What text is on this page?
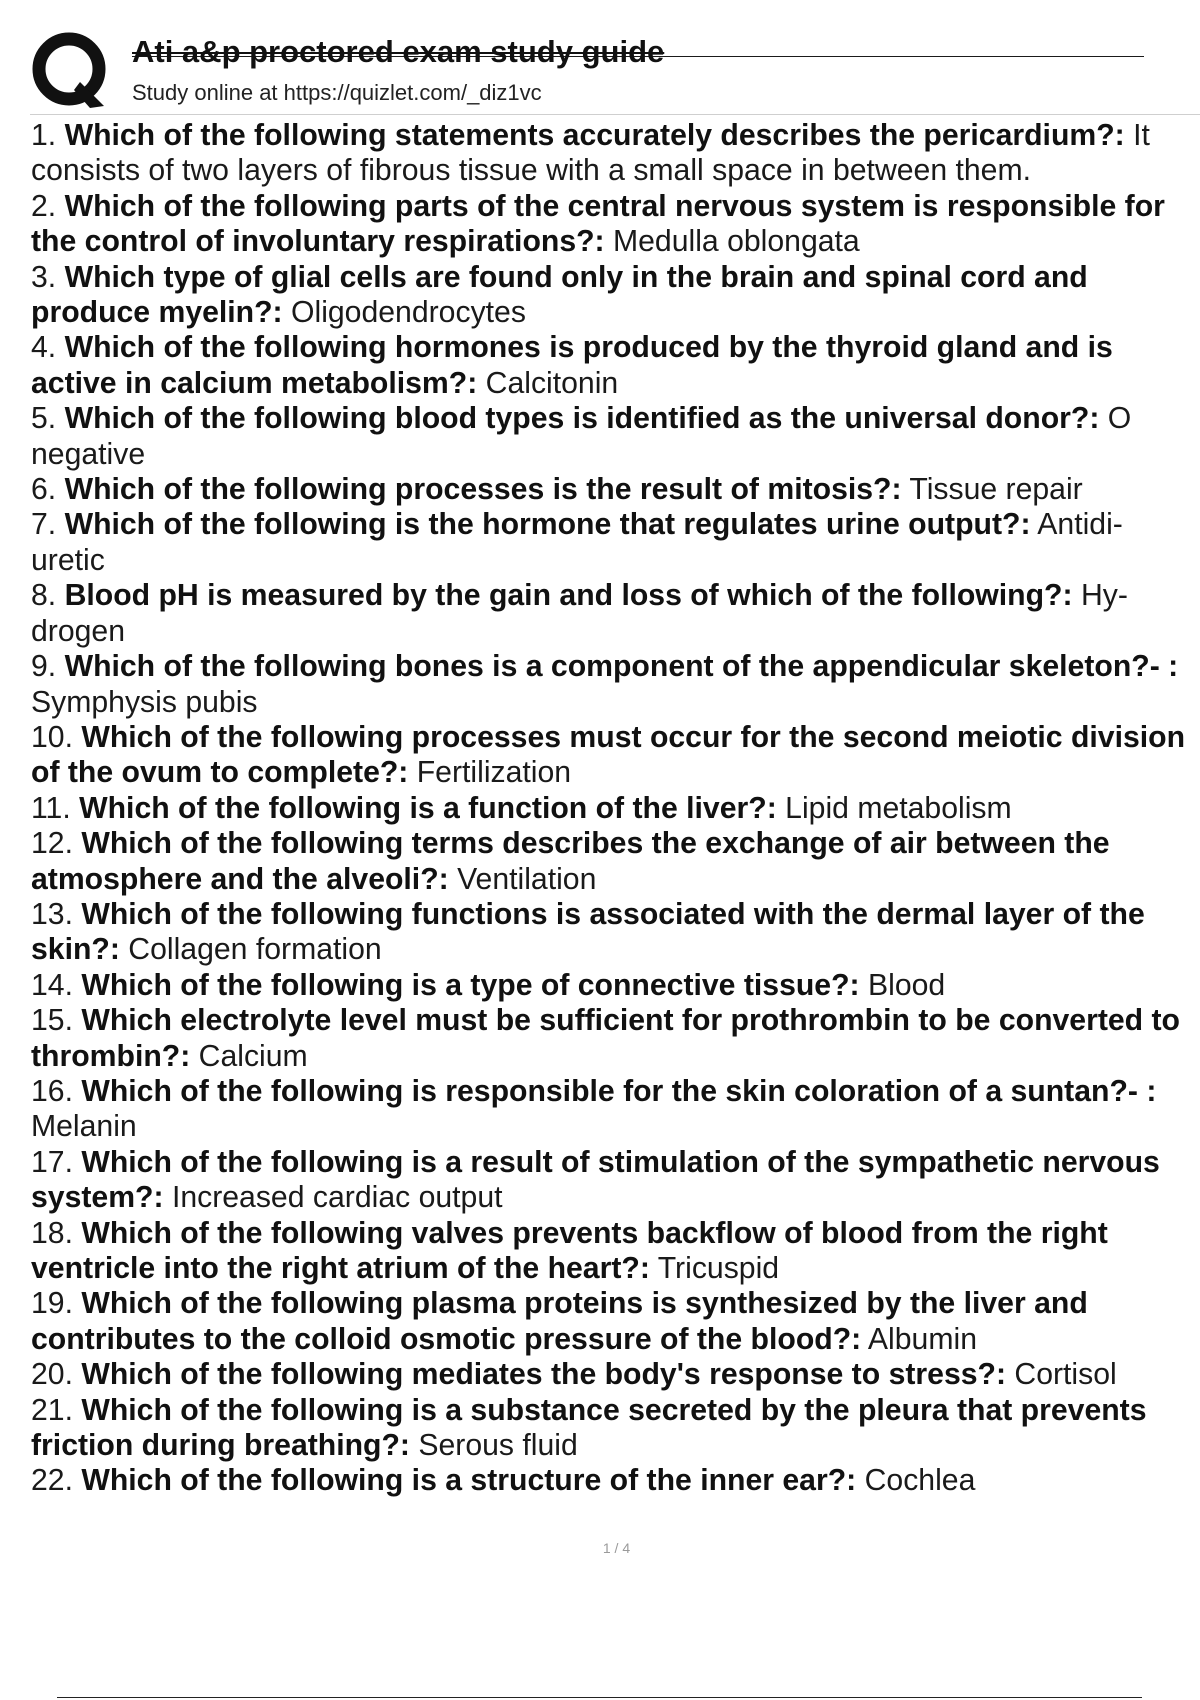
Ati a&p proctored exam study guide
Study online at https://quizlet.com/_diz1vc
1. Which of the following statements accurately describes the pericardium?: It consists of two layers of fibrous tissue with a small space in between them.
2. Which of the following parts of the central nervous system is responsible for the control of involuntary respirations?: Medulla oblongata
3. Which type of glial cells are found only in the brain and spinal cord and produce myelin?: Oligodendrocytes
4. Which of the following hormones is produced by the thyroid gland and is active in calcium metabolism?: Calcitonin
5. Which of the following blood types is identified as the universal donor?: O negative
6. Which of the following processes is the result of mitosis?: Tissue repair
7. Which of the following is the hormone that regulates urine output?: Antidi- uretic
8. Blood pH is measured by the gain and loss of which of the following?: Hy- drogen
9. Which of the following bones is a component of the appendicular skeleton?- : Symphysis pubis
10. Which of the following processes must occur for the second meiotic division of the ovum to complete?: Fertilization
11. Which of the following is a function of the liver?: Lipid metabolism
12. Which of the following terms describes the exchange of air between the atmosphere and the alveoli?: Ventilation
13. Which of the following functions is associated with the dermal layer of the skin?: Collagen formation
14. Which of the following is a type of connective tissue?: Blood
15. Which electrolyte level must be sufficient for prothrombin to be converted to thrombin?: Calcium
16. Which of the following is responsible for the skin coloration of a suntan?- : Melanin
17. Which of the following is a result of stimulation of the sympathetic nervous system?: Increased cardiac output
18. Which of the following valves prevents backflow of blood from the right ventricle into the right atrium of the heart?: Tricuspid
19. Which of the following plasma proteins is synthesized by the liver and contributes to the colloid osmotic pressure of the blood?: Albumin
20. Which of the following mediates the body's response to stress?: Cortisol
21. Which of the following is a substance secreted by the pleura that prevents friction during breathing?: Serous fluid
22. Which of the following is a structure of the inner ear?: Cochlea
1 / 4
